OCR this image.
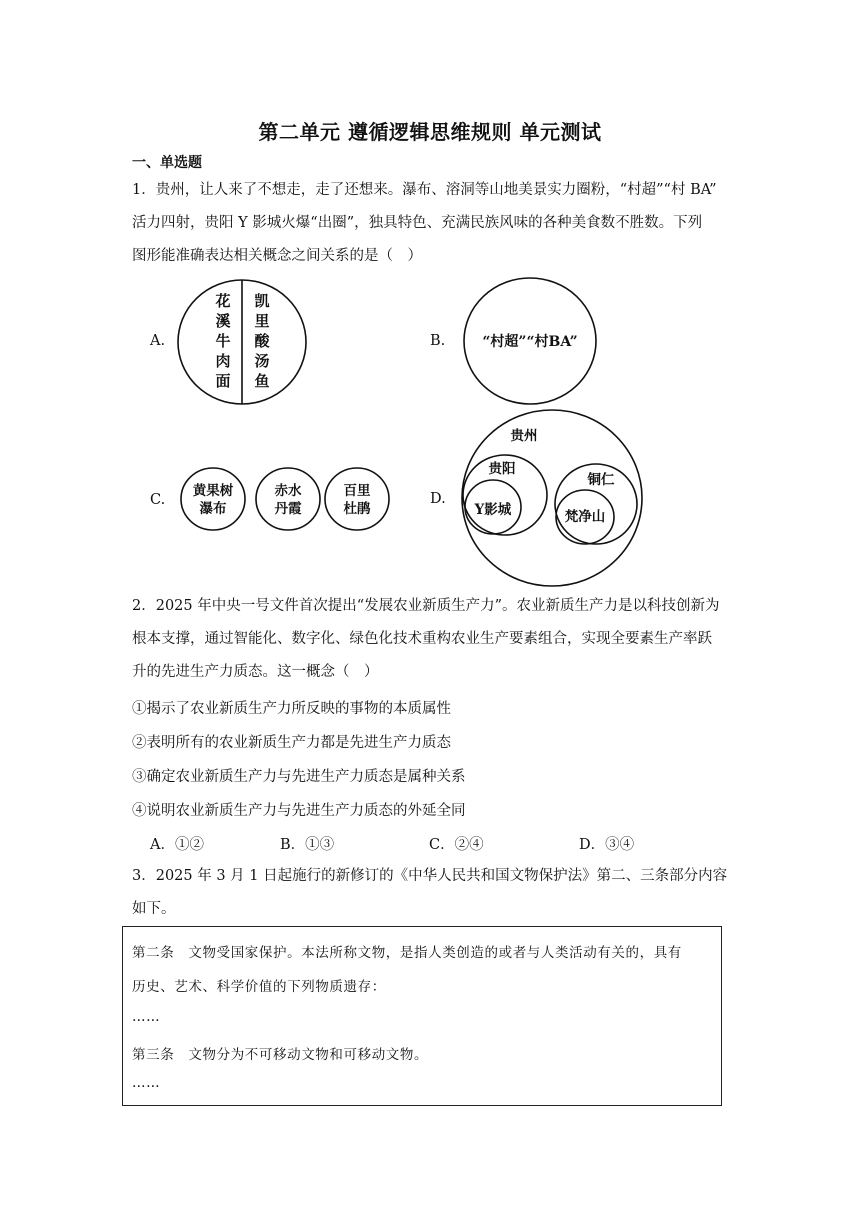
第二单元 遵循逻辑思维规则 单元测试
一、单选题
1．贵州，让人来了不想走，走了还想来。瀑布、溶洞等山地美景实力圈粉，“村超”“村 BA”
活力四射，贵阳 Y 影城火爆“出圈”，独具特色、充满民族风味的各种美食数不胜数。下列
图形能准确表达相关概念之间关系的是（　）
A.
花
溪
牛
肉
面
凯
里
酸
汤
鱼
B.	“村超”“村BA”
C.
黄果树
瀑布
赤水
丹霞
百里
杜鹃
D.
贵州
贵阳
Y影城
铜仁
梵净山
2．2025 年中央一号文件首次提出“发展农业新质生产力”。农业新质生产力是以科技创新为
根本支撑，通过智能化、数字化、绿色化技术重构农业生产要素组合，实现全要素生产率跃
升的先进生产力质态。这一概念（　）
①揭示了农业新质生产力所反映的事物的本质属性
②表明所有的农业新质生产力都是先进生产力质态
③确定农业新质生产力与先进生产力质态是属种关系
④说明农业新质生产力与先进生产力质态的外延全同
A．①②	B．①③	C．②④	D．③④
3．2025 年 3 月 1 日起施行的新修订的《中华人民共和国文物保护法》第二、三条部分内容
如下。
第二条　文物受国家保护。本法所称文物，是指人类创造的或者与人类活动有关的，具有
历史、艺术、科学价值的下列物质遗存：
……
第三条　文物分为不可移动文物和可移动文物。
……
